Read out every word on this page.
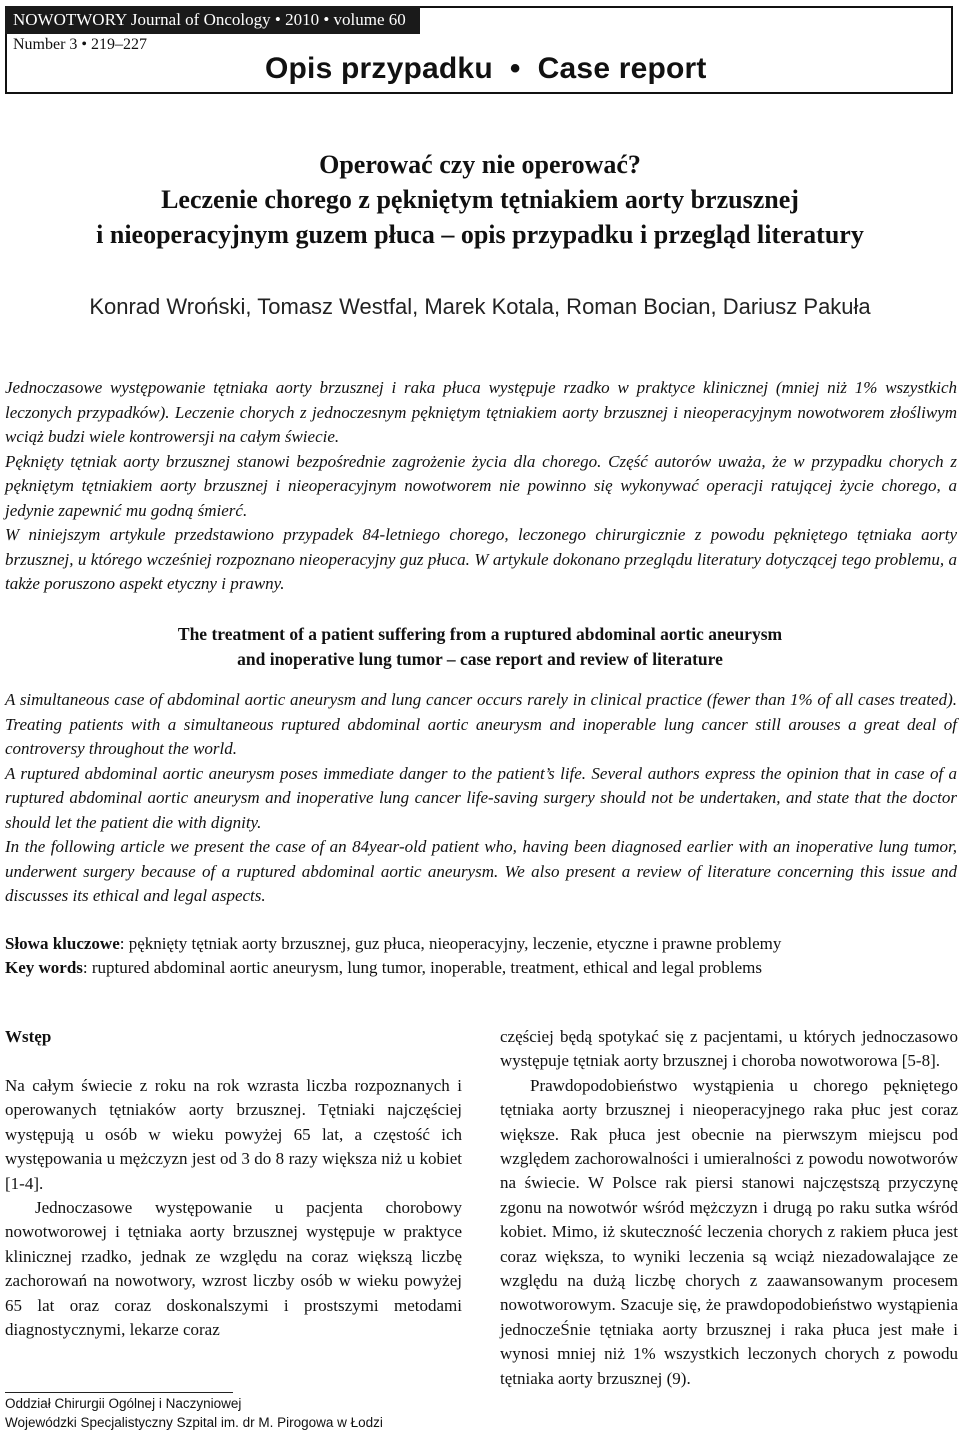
NOWOTWORY Journal of Oncology • 2010 • volume 60
Number 3 • 219–227
Opis przypadku  •  Case report
Operować czy nie operować?
Leczenie chorego z pękniętym tętniakiem aorty brzusznej
i nieoperacyjnym guzem płuca – opis przypadku i przegląd literatury
Konrad Wroński, Tomasz Westfal, Marek Kotala, Roman Bocian, Dariusz Pakuła

Jednoczasowe występowanie tętniaka aorty brzusznej i raka płuca występuje rzadko w praktyce klinicznej (mniej niż 1% wszystkich leczonych przypadków). Leczenie chorych z jednoczesnym pękniętym tętniakiem aorty brzusznej i nieoperacyjnym nowotworem złośliwym wciąż budzi wiele kontrowersji na całym świecie.

Pęknięty tętniak aorty brzusznej stanowi bezpośrednie zagrożenie życia dla chorego. Część autorów uważa, że w przypadku chorych z pękniętym tętniakiem aorty brzusznej i nieoperacyjnym nowotworem nie powinno się wykonywać operacji ratującej życie chorego, a jedynie zapewnić mu godną śmierć.

W niniejszym artykule przedstawiono przypadek 84-letniego chorego, leczonego chirurgicznie z powodu pękniętego tętniaka aorty brzusznej, u którego wcześniej rozpoznano nieoperacyjny guz płuca. W artykule dokonano przeglądu literatury dotyczącej tego problemu, a także poruszono aspekt etyczny i prawny.

The treatment of a patient suffering from a ruptured abdominal aortic aneurysm
and inoperative lung tumor – case report and review of literature

A simultaneous case of abdominal aortic aneurysm and lung cancer occurs rarely in clinical practice (fewer than 1% of all cases treated). Treating patients with a simultaneous ruptured abdominal aortic aneurysm and inoperable lung cancer still arouses a great deal of controversy throughout the world.

A ruptured abdominal aortic aneurysm poses immediate danger to the patient’s life. Several authors express the opinion that in case of a ruptured abdominal aortic aneurysm and inoperative lung cancer life-saving surgery should not be undertaken, and state that the doctor should let the patient die with dignity.

In the following article we present the case of an 84year-old patient who, having been diagnosed earlier with an inoperative lung tumor, underwent surgery because of a ruptured abdominal aortic aneurysm. We also present a review of literature concerning this issue and discusses its ethical and legal aspects.

Słowa kluczowe: pęknięty tętniak aorty brzusznej, guz płuca, nieoperacyjny, leczenie, etyczne i prawne problemy
Key words: ruptured abdominal aortic aneurysm, lung tumor, inoperable, treatment, ethical and legal problems
Wstęp

Na całym świecie z roku na rok wzrasta liczba rozpoznanych i operowanych tętniaków aorty brzusznej. Tętniaki najczęściej występują u osób w wieku powyżej 65 lat, a częstość ich występowania u mężczyzn jest od 3 do 8 razy większa niż u kobiet [1-4].

Jednoczasowe występowanie u pacjenta chorobowy nowotworowej i tętniaka aorty brzusznej występuje w praktyce klinicznej rzadko, jednak ze względu na coraz większą liczbę zachorowań na nowotwory, wzrost liczby osób w wieku powyżej 65 lat oraz coraz doskonalszymi i prostszymi metodami diagnostycznymi, lekarze coraz

częściej będą spotykać się z pacjentami, u których jednoczasowo występuje tętniak aorty brzusznej i choroba nowotworowa [5-8].

Prawdopodobieństwo wystąpienia u chorego pękniętego tętniaka aorty brzusznej i nieoperacyjnego raka płuc jest coraz większe. Rak płuca jest obecnie na pierwszym miejscu pod względem zachorowalności i umieralności z powodu nowotworów na świecie. W Polsce rak piersi stanowi najczęstszą przyczynę zgonu na nowotwór wśród mężczyzn i drugą po raku sutka wśród kobiet. Mimo, iż skuteczność leczenia chorych z rakiem płuca jest coraz większa, to wyniki leczenia są wciąż niezadowalające ze względu na dużą liczbę chorych z zaawansowanym procesem nowotworowym. Szacuje się, że prawdopodobieństwo wystąpienia jednoczeŚnie tętniaka aorty brzusznej i raka płuca jest małe i wynosi mniej niż 1% wszystkich leczonych chorych z powodu tętniaka aorty brzusznej (9).

Oddział Chirurgii Ogólnej i Naczyniowej
Wojewódzki Specjalistyczny Szpital im. dr M. Pirogowa w Łodzi
